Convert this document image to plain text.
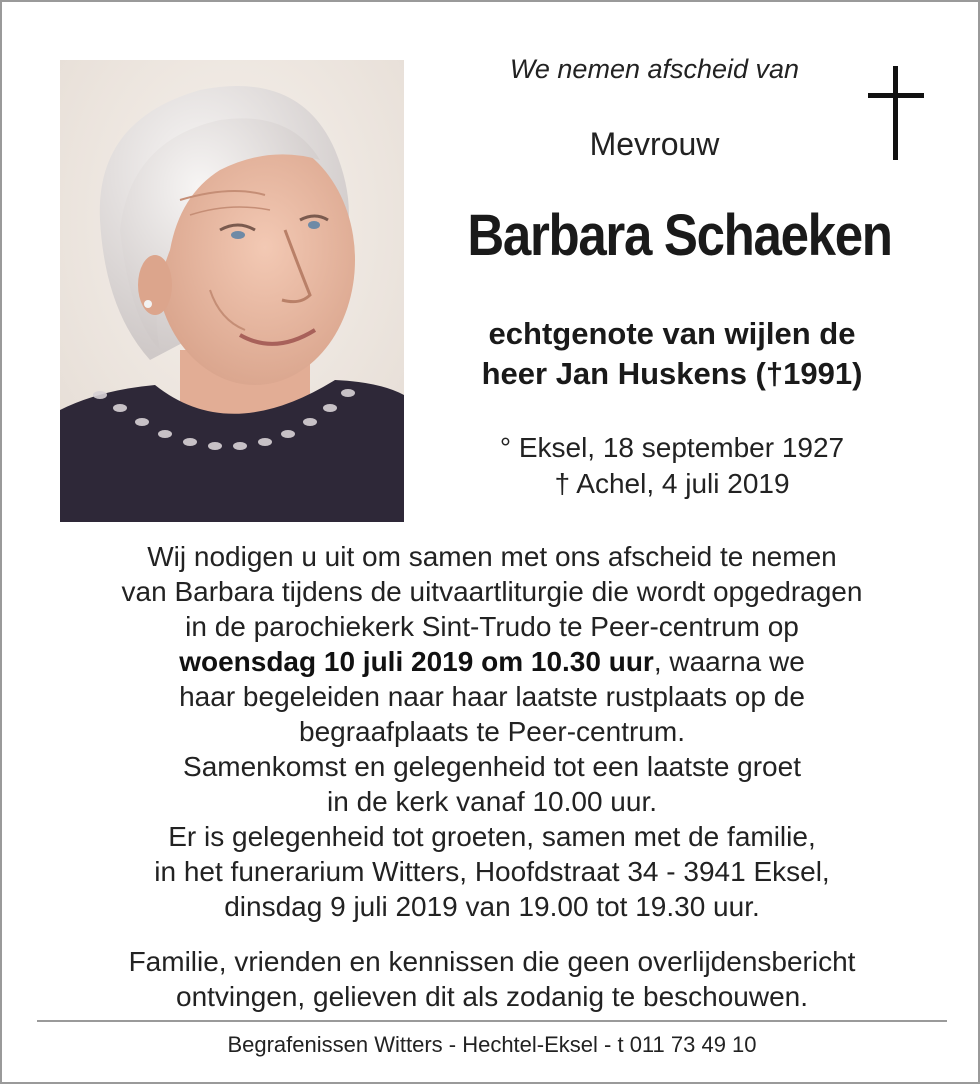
We nemen afscheid van
Mevrouw
Barbara Schaeken
echtgenote van wijlen de
heer Jan Huskens (†1991)
° Eksel, 18 september 1927
† Achel, 4 juli 2019
Wij nodigen u uit om samen met ons afscheid te nemen
van Barbara tijdens de uitvaartliturgie die wordt opgedragen
in de parochiekerk Sint-Trudo te Peer-centrum op
woensdag 10 juli 2019 om 10.30 uur, waarna we
haar begeleiden naar haar laatste rustplaats op de
begraafplaats te Peer-centrum.
Samenkomst en gelegenheid tot een laatste groet
in de kerk vanaf 10.00 uur.
Er is gelegenheid tot groeten, samen met de familie,
in het funerarium Witters, Hoofdstraat 34 - 3941 Eksel,
dinsdag 9 juli 2019 van 19.00 tot 19.30 uur.
Familie, vrienden en kennissen die geen overlijdensbericht
ontvingen, gelieven dit als zodanig te beschouwen.
Begrafenissen Witters - Hechtel-Eksel - t 011 73 49 10
